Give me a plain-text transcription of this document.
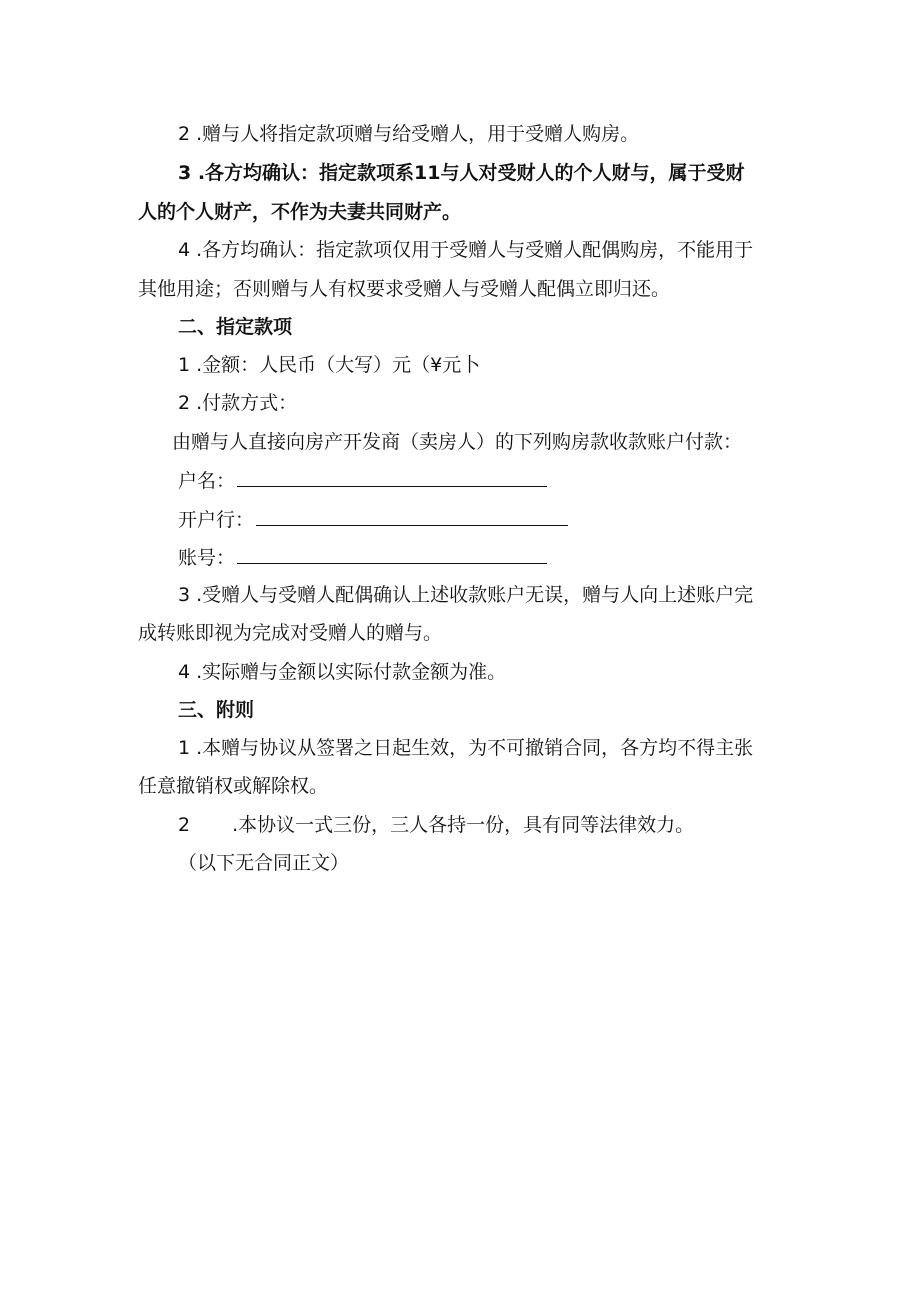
2 .赠与人将指定款项赠与给受赠人，用于受赠人购房。
3 .各方均确认：指定款项系11与人对受财人的个人财与，属于受财
人的个人财产，不作为夫妻共同财产。
4 .各方均确认：指定款项仅用于受赠人与受赠人配偶购房，不能用于
其他用途；否则赠与人有权要求受赠人与受赠人配偶立即归还。
二、指定款项
1 .金额：人民币（大写）元（¥元卜
2 .付款方式：
由赠与人直接向房产开发商（卖房人）的下列购房款收款账户付款：
户名：
开户行：
账号：
3 .受赠人与受赠人配偶确认上述收款账户无误，赠与人向上述账户完
成转账即视为完成对受赠人的赠与。
4 .实际赠与金额以实际付款金额为准。
三、附则
1 .本赠与协议从签署之日起生效，为不可撤销合同，各方均不得主张
任意撤销权或解除权。
2 .本协议一式三份，三人各持一份，具有同等法律效力。
（以下无合同正文）
